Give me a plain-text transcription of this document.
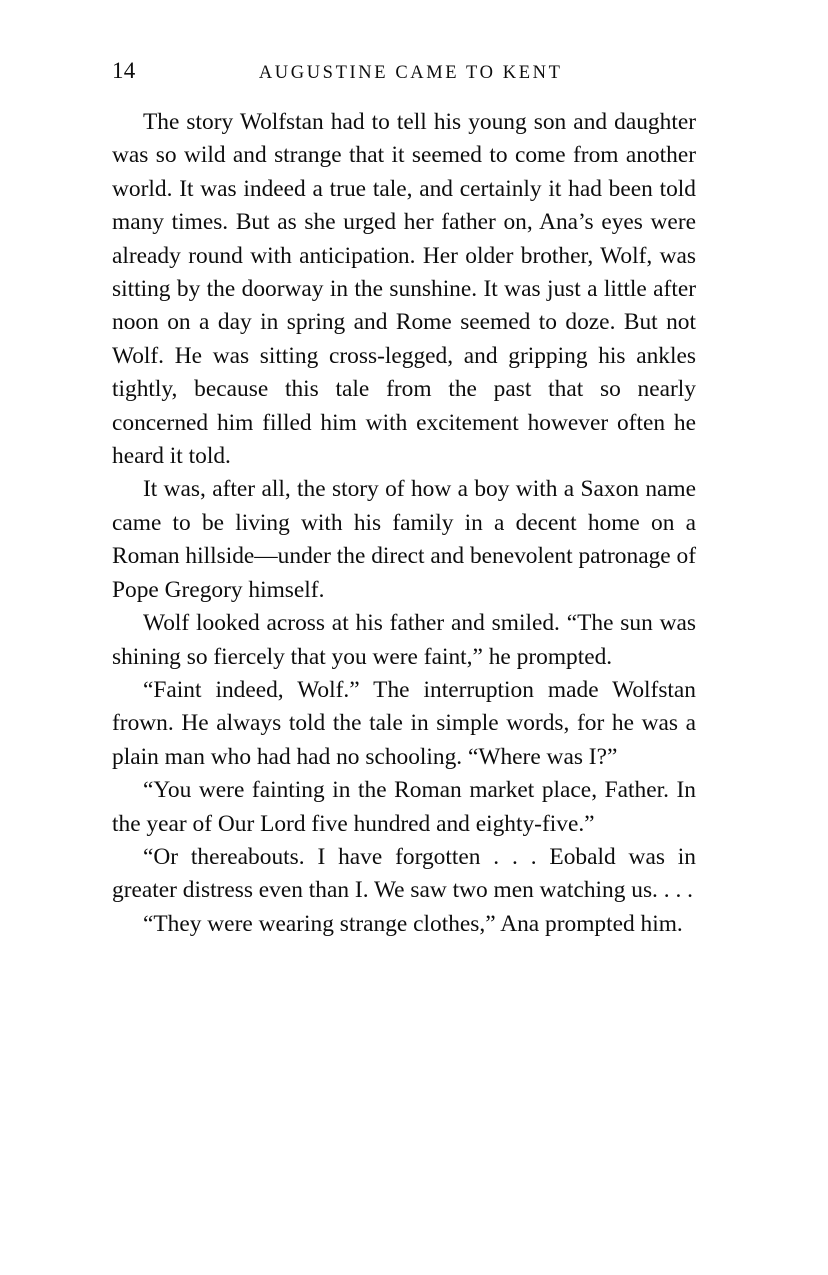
14	AUGUSTINE CAME TO KENT

The story Wolfstan had to tell his young son and daughter was so wild and strange that it seemed to come from another world. It was indeed a true tale, and certainly it had been told many times. But as she urged her father on, Ana’s eyes were already round with anticipation. Her older brother, Wolf, was sitting by the doorway in the sunshine. It was just a little after noon on a day in spring and Rome seemed to doze. But not Wolf. He was sitting cross-legged, and gripping his ankles tightly, because this tale from the past that so nearly concerned him filled him with excitement however often he heard it told.

It was, after all, the story of how a boy with a Saxon name came to be living with his family in a decent home on a Roman hillside—under the direct and benevolent patronage of Pope Gregory himself.

Wolf looked across at his father and smiled. “The sun was shining so fiercely that you were faint,” he prompted.

“Faint indeed, Wolf.” The interruption made Wolfstan frown. He always told the tale in simple words, for he was a plain man who had had no schooling. “Where was I?”

“You were fainting in the Roman market place, Father. In the year of Our Lord five hundred and eighty-five.”

“Or thereabouts. I have forgotten . . . Eobald was in greater distress even than I. We saw two men watching us. . . .

“They were wearing strange clothes,” Ana prompted him.
